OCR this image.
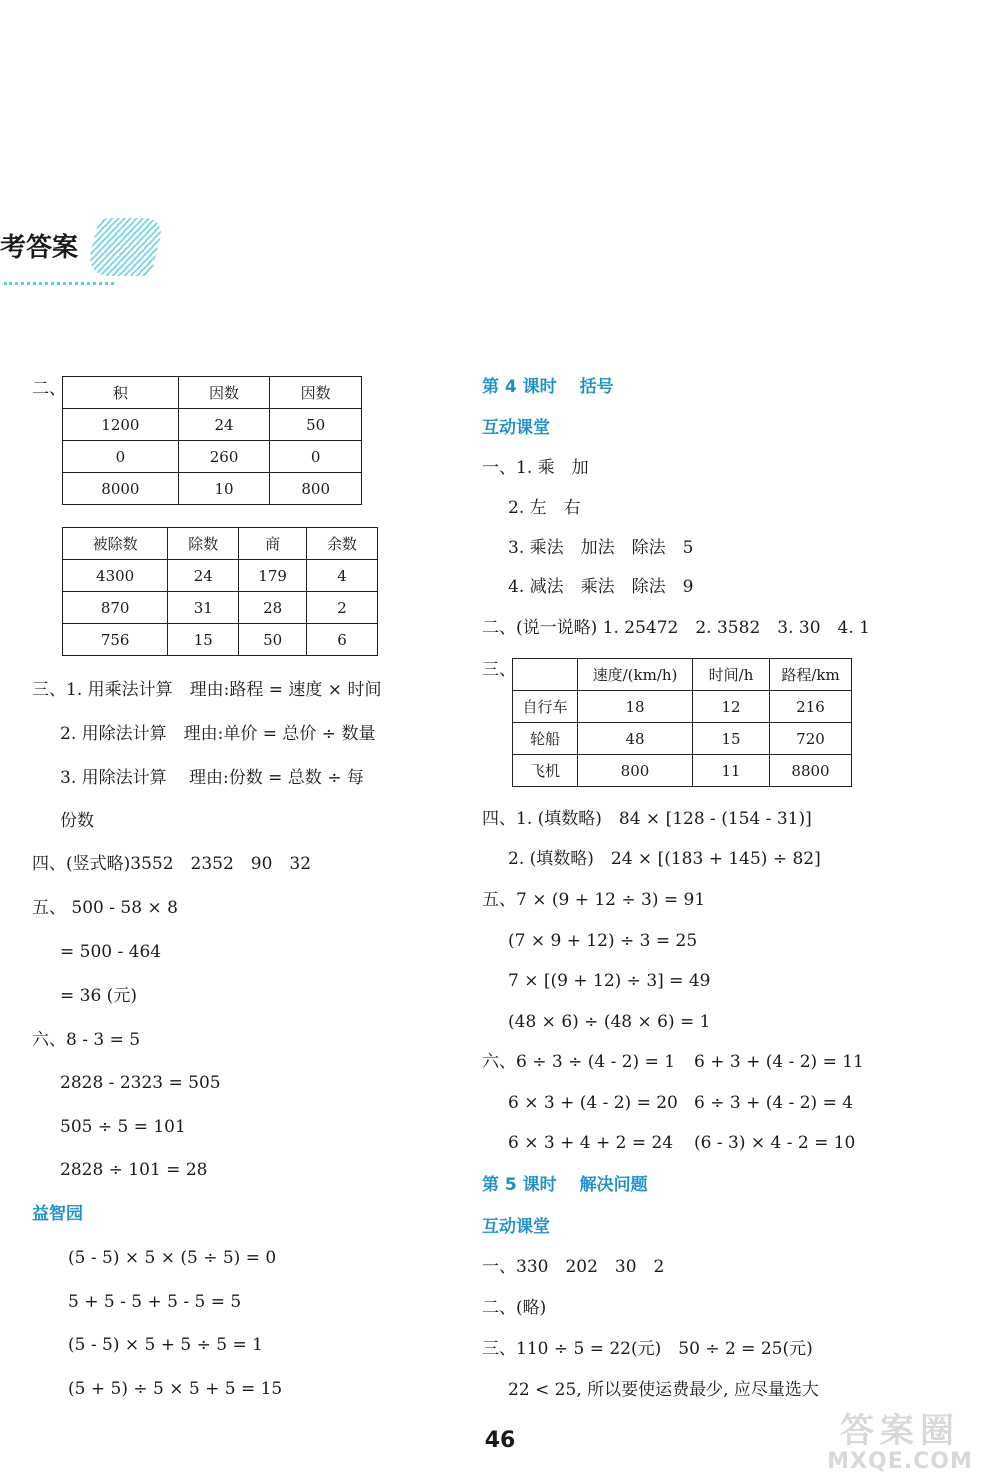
考答案
二、	积	因数	因数
1200	24	50
0	260	0
8000	10	800
被除数	除数	商	余数
4300	24	179	4
870	31	28	2
756	15	50	6
三、1. 用乘法计算　理由:路程 = 速度 × 时间
2. 用除法计算　理由:单价 = 总价 ÷ 数量
3. 用除法计算　 理由:份数 = 总数 ÷ 每
份数
四、(竖式略)3552　2352　90　32
五、 500 - 58 × 8
= 500 - 464
= 36 (元)
六、8 - 3 = 5
2828 - 2323 = 505
505 ÷ 5 = 101
2828 ÷ 101 = 28
益智园
(5 - 5) × 5 × (5 ÷ 5) = 0
5 + 5 - 5 + 5 - 5 = 5
(5 - 5) × 5 + 5 ÷ 5 = 1
(5 + 5) ÷ 5 × 5 + 5 = 15
第 4 课时　 括号
互动课堂
一、1. 乘　加
2. 左　右
3. 乘法　加法　除法　5
4. 减法　乘法　除法　9
二、(说一说略) 1. 25472　2. 3582　3. 30　4. 1
三、
		速度/(km/h)	时间/h	路程/km
自行车	18	12	216
轮船	48	15	720
飞机	800	11	8800
四、1. (填数略)　84 × [128 - (154 - 31)]
2. (填数略)　24 × [(183 + 145) ÷ 82]
五、7 × (9 + 12 ÷ 3) = 91
(7 × 9 + 12) ÷ 3 = 25
7 × [(9 + 12) ÷ 3] = 49
(48 × 6) ÷ (48 × 6) = 1
六、6 ÷ 3 ÷ (4 - 2) = 1 6 + 3 + (4 - 2) = 11
6 × 3 + (4 - 2) = 20 6 ÷ 3 + (4 - 2) = 4
6 × 3 + 4 + 2 = 24 (6 - 3) × 4 - 2 = 10
第 5 课时　 解决问题
互动课堂
一、330　202　30　2
二、(略)
三、110 ÷ 5 = 22(元)　50 ÷ 2 = 25(元)
22 < 25, 所以要使运费最少, 应尽量选大
46	答案圈
MXQE.COM
